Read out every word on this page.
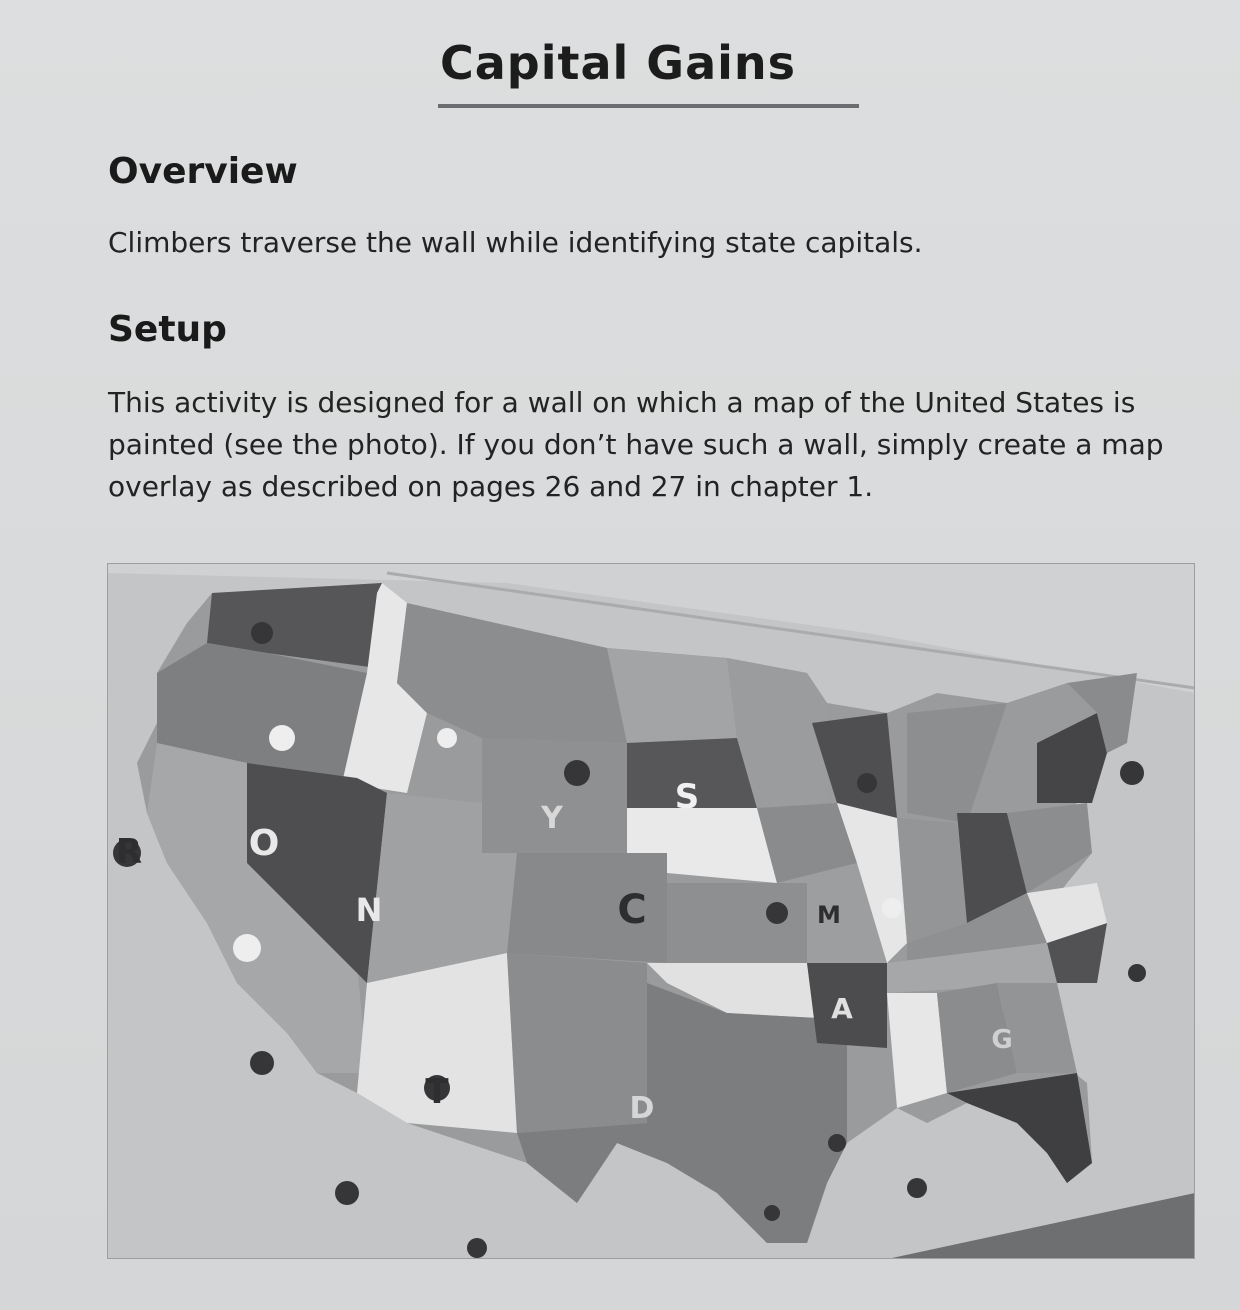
Capital Gains
Overview

Climbers traverse the wall while identifying state capitals.

Setup

This activity is designed for a wall on which a map of the United States is painted (see the photo). If you don’t have such a wall, simply create a map overlay as described on pages 26 and 27 in chapter 1.

R	O
N	C
S
Y
M
A
T	D
G
